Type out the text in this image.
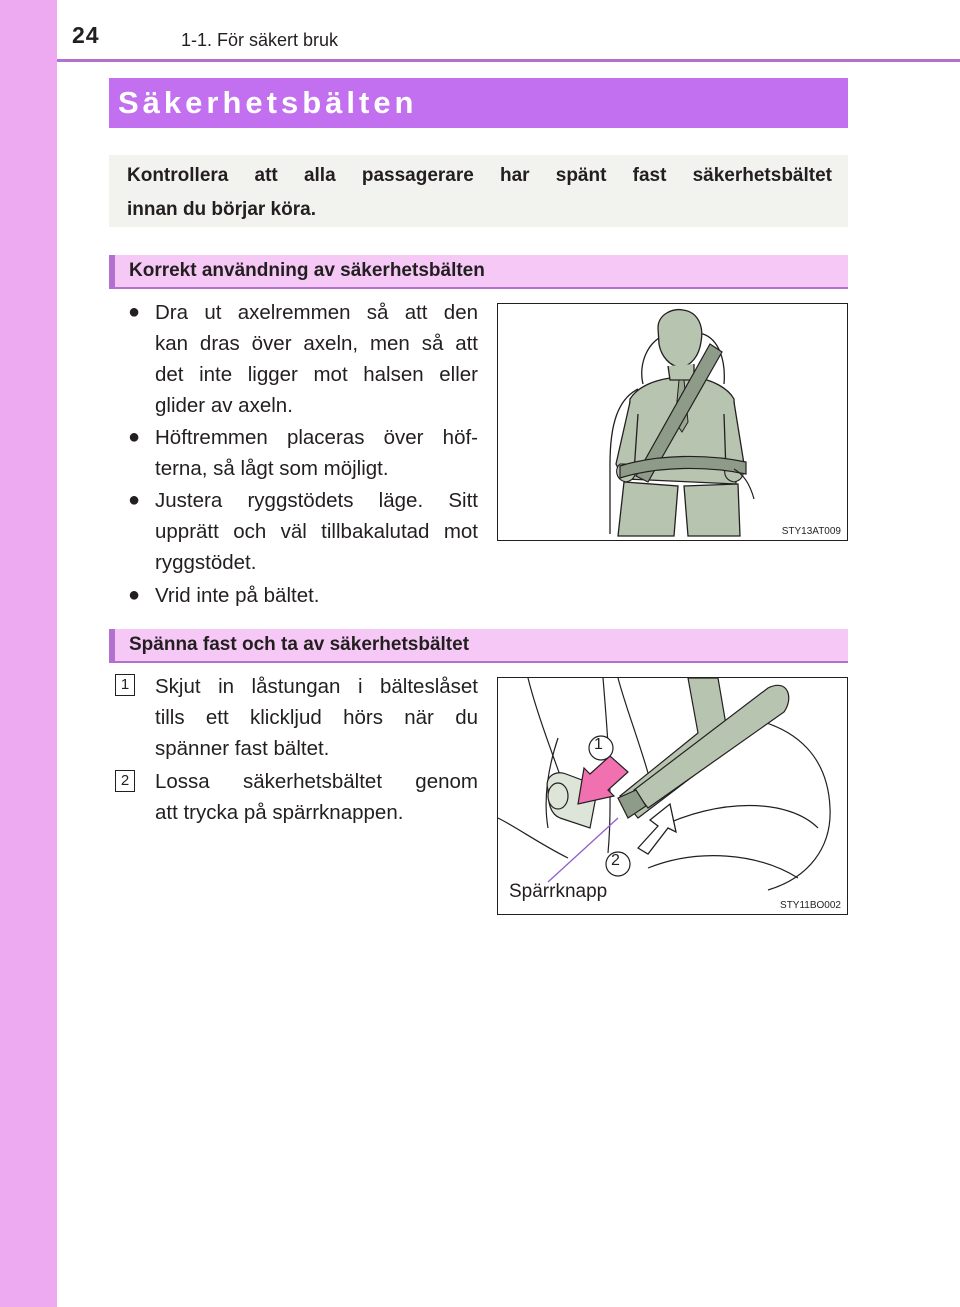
24	1-1. För säkert bruk
Säkerhetsbälten
Kontrollera att alla passagerare har spänt fast säkerhetsbältet
innan du börjar köra.
Korrekt användning av säkerhetsbälten
● Dra ut axelremmen så att den
kan dras över axeln, men så att
det inte ligger mot halsen eller
glider av axeln.
● Höftremmen placeras över höf-
terna, så lågt som möjligt.
● Justera ryggstödets läge. Sitt
upprätt och väl tillbakalutad mot
ryggstödet.
● Vrid inte på bältet.
STY13AT009
Spänna fast och ta av säkerhetsbältet
1 Skjut in låstungan i bälteslåset
tills ett klickljud hörs när du
spänner fast bältet.
2 Lossa säkerhetsbältet genom
att trycka på spärrknappen.
1
2
Spärrknapp
STY11BO002
